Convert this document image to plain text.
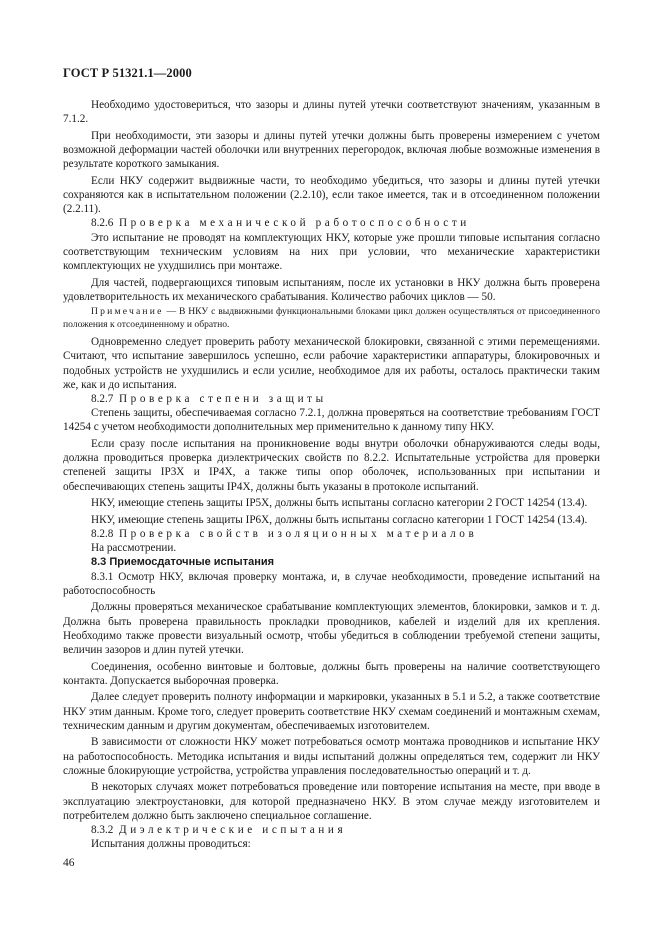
ГОСТ Р 51321.1—2000

Необходимо удостовериться, что зазоры и длины путей утечки соответствуют значениям, указанным в 7.1.2.

При необходимости, эти зазоры и длины путей утечки должны быть проверены измерением с учетом возможной деформации частей оболочки или внутренних перегородок, включая любые возможные изменения в результате короткого замыкания.

Если НКУ содержит выдвижные части, то необходимо убедиться, что зазоры и длины путей утечки сохраняются как в испытательном положении (2.2.10), если такое имеется, так и в отсоединенном положении (2.2.11).

8.2.6 Проверка механической работоспособности

Это испытание не проводят на комплектующих НКУ, которые уже прошли типовые испытания согласно соответствующим техническим условиям на них при условии, что механические характеристики комплектующих не ухудшились при монтаже.

Для частей, подвергающихся типовым испытаниям, после их установки в НКУ должна быть проверена удовлетворительность их механического срабатывания. Количество рабочих циклов — 50.

Примечание — В НКУ с выдвижными функциональными блоками цикл должен осуществляться от присоединенного положения к отсоединенному и обратно.

Одновременно следует проверить работу механической блокировки, связанной с этими перемещениями. Считают, что испытание завершилось успешно, если рабочие характеристики аппаратуры, блокировочных и подобных устройств не ухудшились и если усилие, необходимое для их работы, осталось практически таким же, как и до испытания.

8.2.7 Проверка степени защиты

Степень защиты, обеспечиваемая согласно 7.2.1, должна проверяться на соответствие требованиям ГОСТ 14254 с учетом необходимости дополнительных мер применительно к данному типу НКУ.

Если сразу после испытания на проникновение воды внутри оболочки обнаруживаются следы воды, должна проводиться проверка диэлектрических свойств по 8.2.2. Испытательные устройства для проверки степеней защиты IP3X и IP4X, а также типы опор оболочек, использованных при испытании и обеспечивающих степень защиты IP4X, должны быть указаны в протоколе испытаний.

НКУ, имеющие степень защиты IP5X, должны быть испытаны согласно категории 2 ГОСТ 14254 (13.4).

НКУ, имеющие степень защиты IP6X, должны быть испытаны согласно категории 1 ГОСТ 14254 (13.4).

8.2.8 Проверка свойств изоляционных материалов

На рассмотрении.

8.3 Приемосдаточные испытания

8.3.1 Осмотр НКУ, включая проверку монтажа, и, в случае необходимости, проведение испытаний на работоспособность

Должны проверяться механическое срабатывание комплектующих элементов, блокировки, замков и т. д. Должна быть проверена правильность прокладки проводников, кабелей и изделий для их крепления. Необходимо также провести визуальный осмотр, чтобы убедиться в соблюдении требуемой степени защиты, величин зазоров и длин путей утечки.

Соединения, особенно винтовые и болтовые, должны быть проверены на наличие соответствующего контакта. Допускается выборочная проверка.

Далее следует проверить полноту информации и маркировки, указанных в 5.1 и 5.2, а также соответствие НКУ этим данным. Кроме того, следует проверить соответствие НКУ схемам соединений и монтажным схемам, техническим данным и другим документам, обеспечиваемых изготовителем.

В зависимости от сложности НКУ может потребоваться осмотр монтажа проводников и испытание НКУ на работоспособность. Методика испытания и виды испытаний должны определяться тем, содержит ли НКУ сложные блокирующие устройства, устройства управления последовательностью операций и т. д.

В некоторых случаях может потребоваться проведение или повторение испытания на месте, при вводе в эксплуатацию электроустановки, для которой предназначено НКУ. В этом случае между изготовителем и потребителем должно быть заключено специальное соглашение.

8.3.2 Диэлектрические испытания

Испытания должны проводиться:

46
